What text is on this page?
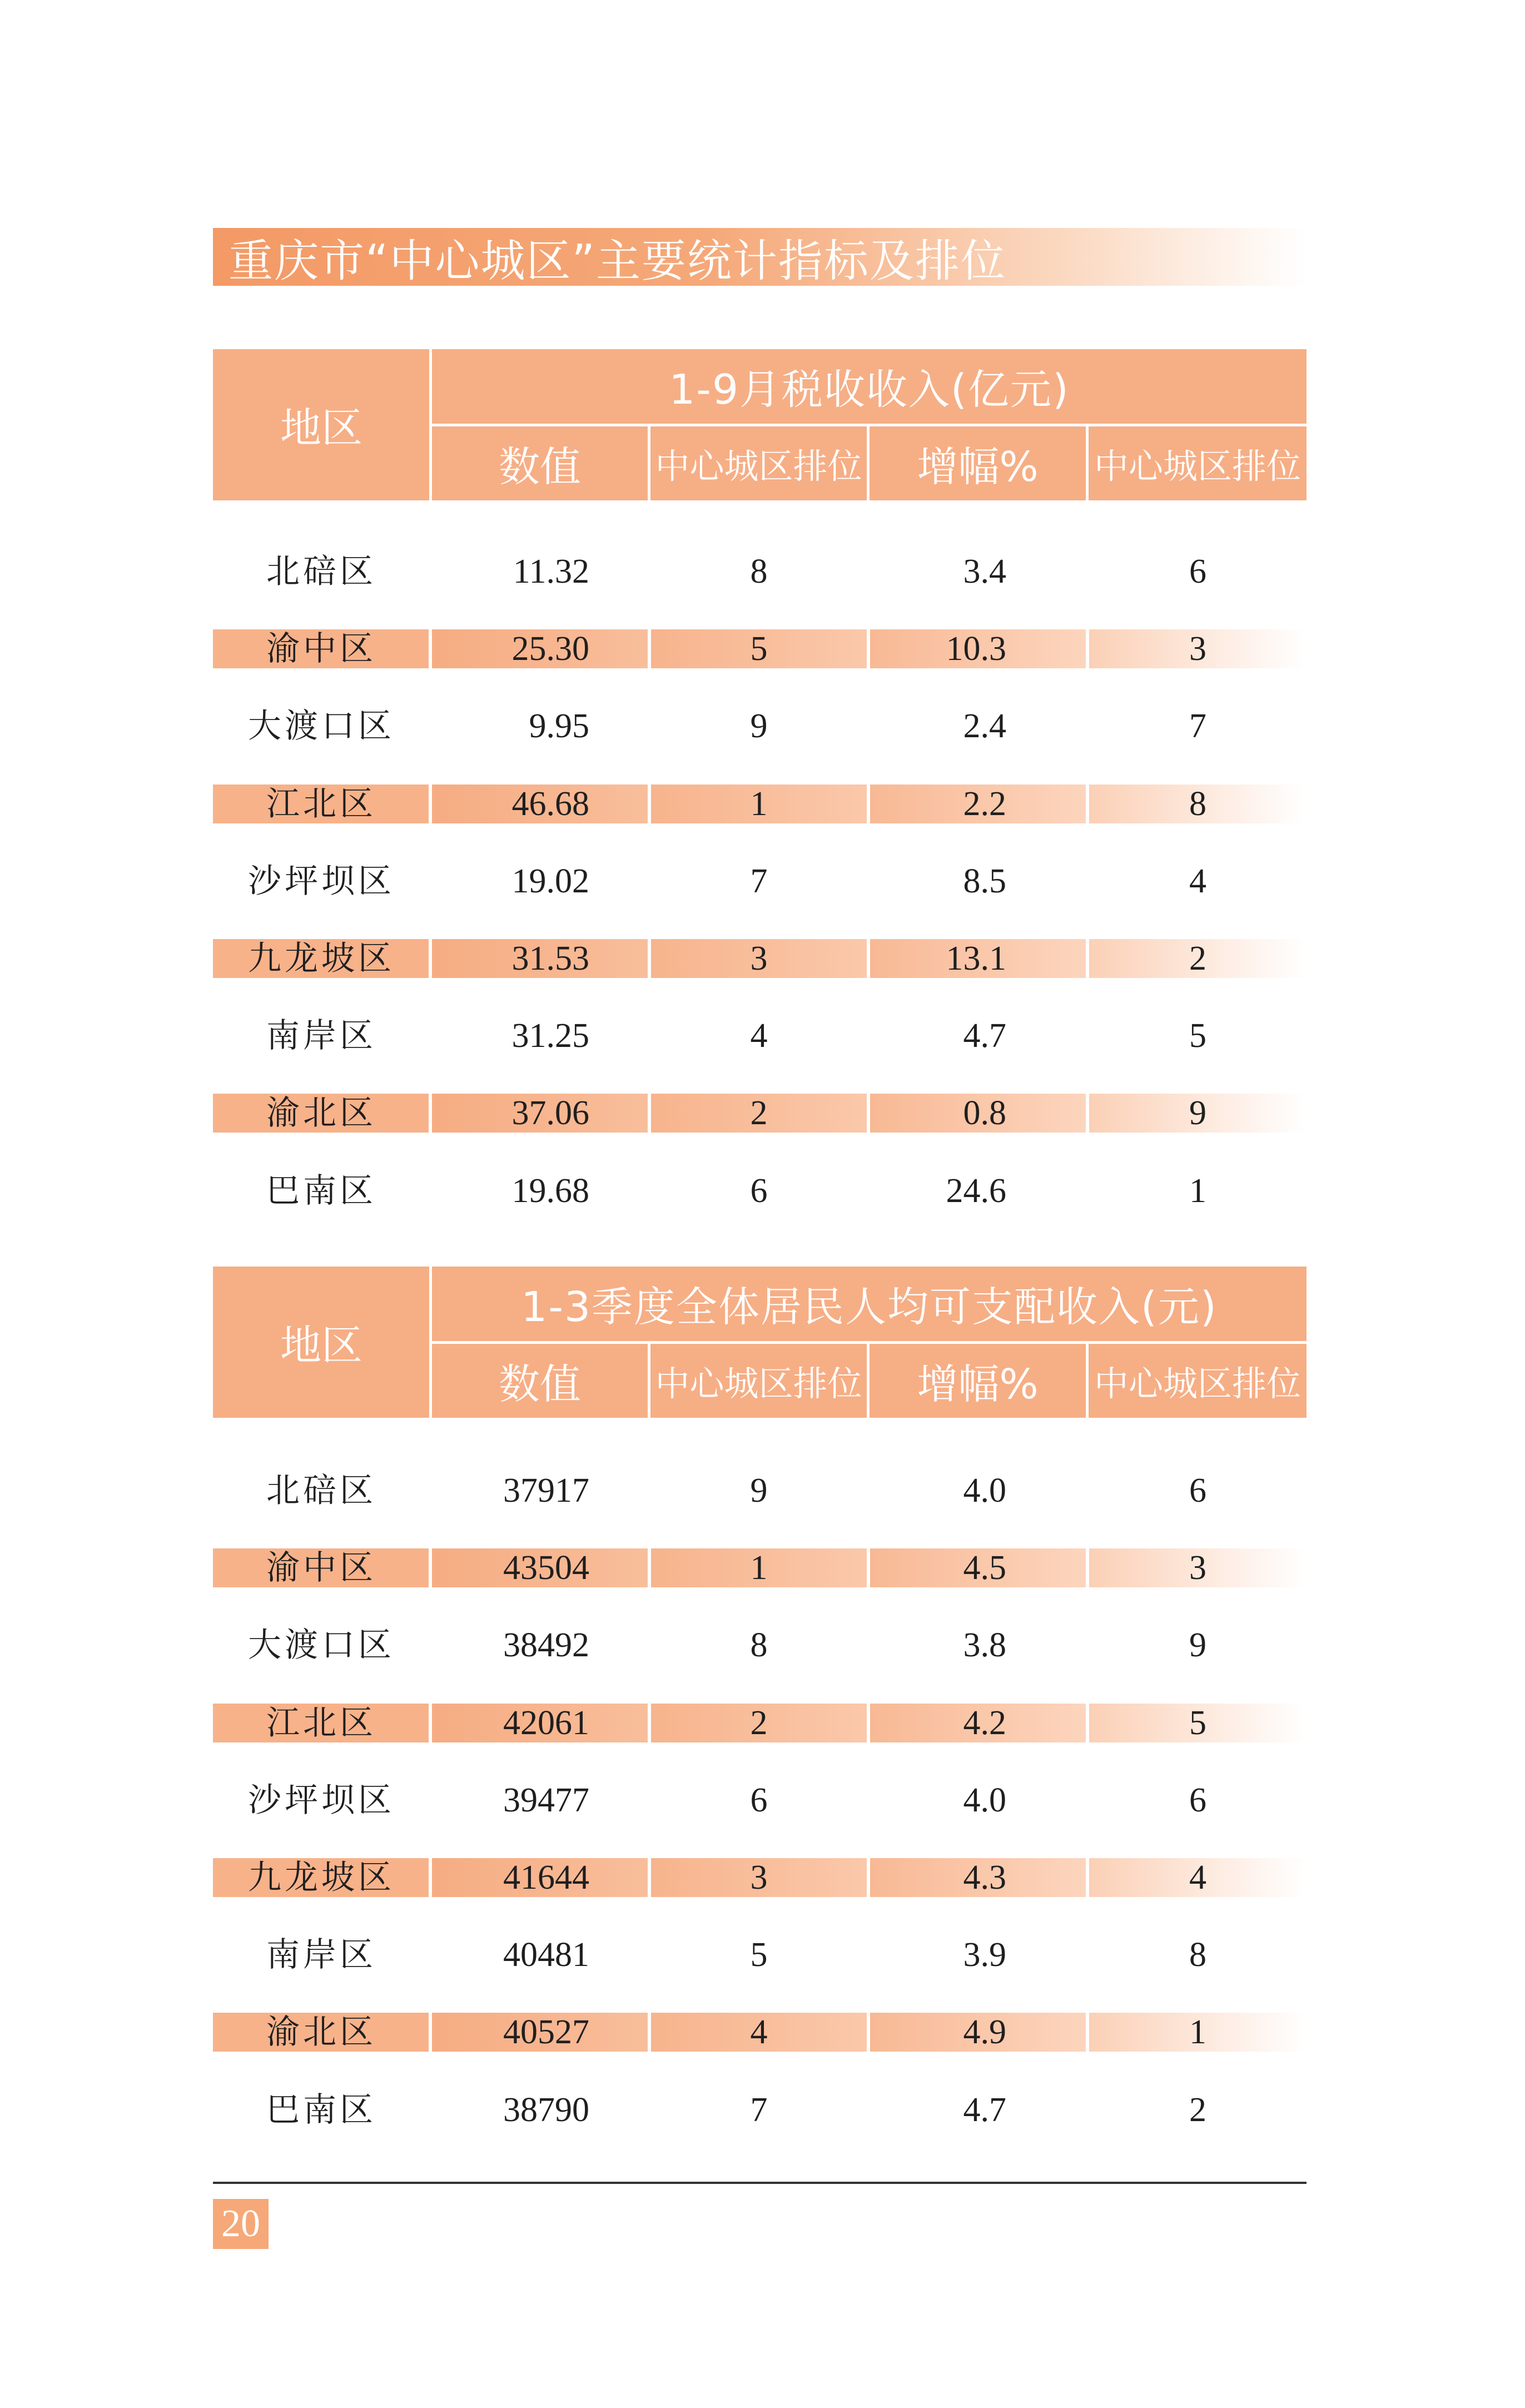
重庆市“中心城区”主要统计指标及排位
地区
1-9月税收收入(亿元)
数值	中心城区排位	增幅%	中心城区排位
北碚区	11.32	8	3.4	6
渝中区	25.30	5	10.3	3
大渡口区	9.95	9	2.4	7
江北区	46.68	1	2.2	8
沙坪坝区	19.02	7	8.5	4
九龙坡区	31.53	3	13.1	2
南岸区	31.25	4	4.7	5
渝北区	37.06	2	0.8	9
巴南区	19.68	6	24.6	1
地区
1-3季度全体居民人均可支配收入(元)
数值	中心城区排位	增幅%	中心城区排位
北碚区	37917	9	4.0	6
渝中区	43504	1	4.5	3
大渡口区	38492	8	3.8	9
江北区	42061	2	4.2	5
沙坪坝区	39477	6	4.0	6
九龙坡区	41644	3	4.3	4
南岸区	40481	5	3.9	8
渝北区	40527	4	4.9	1
巴南区	38790	7	4.7	2
20
